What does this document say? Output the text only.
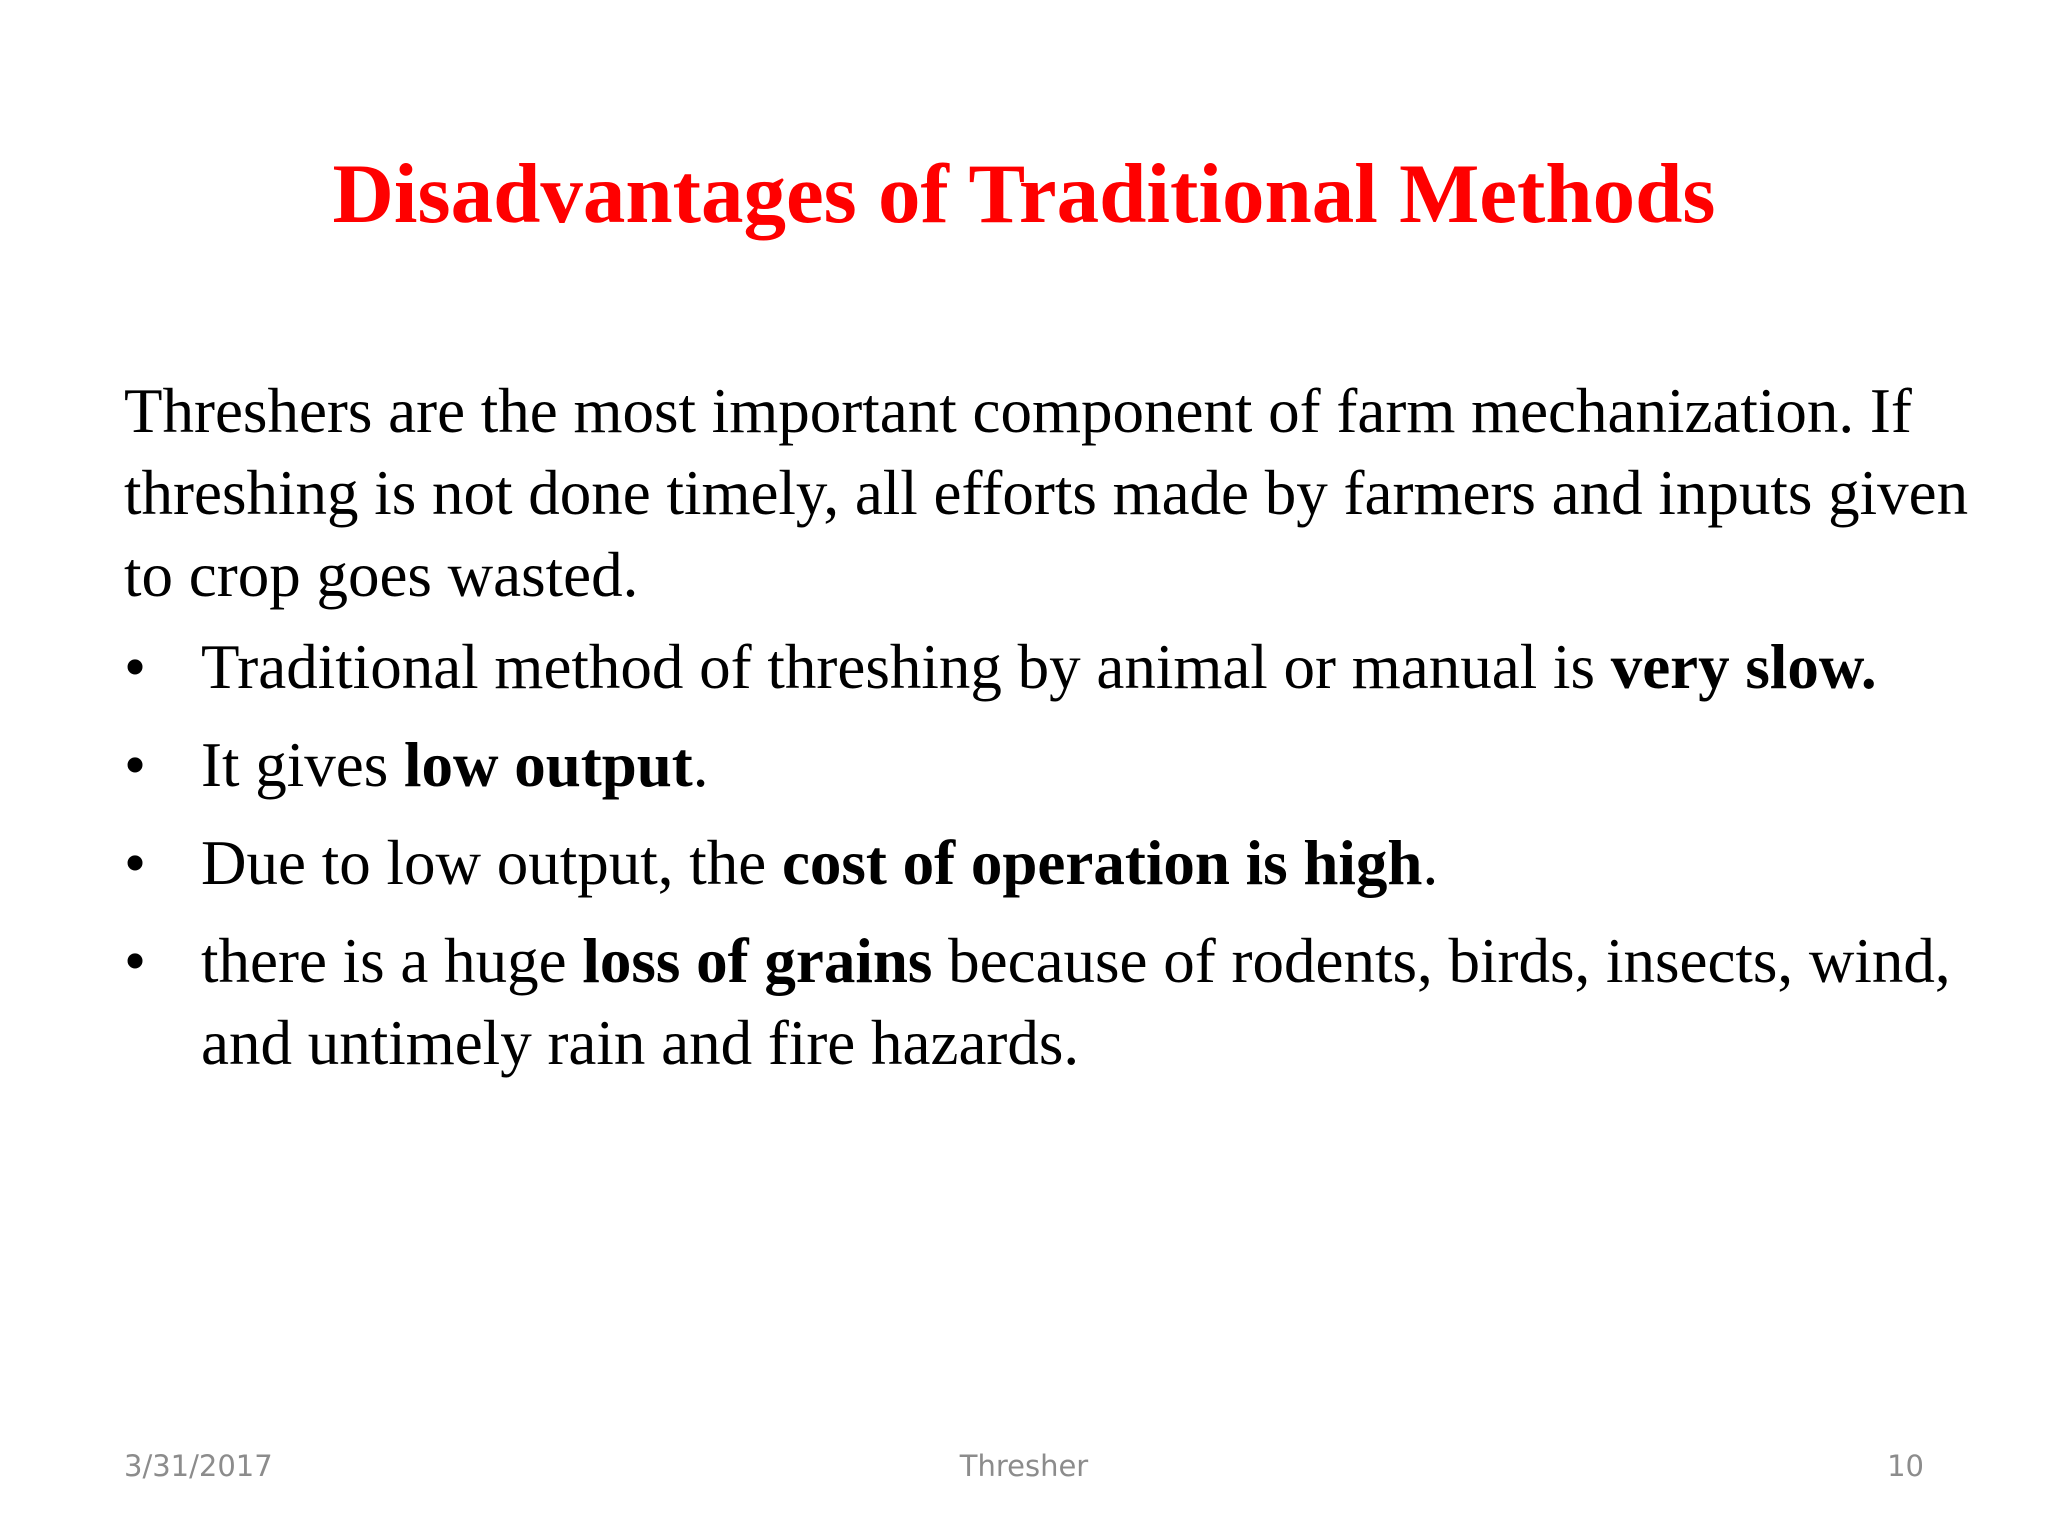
Disadvantages of Traditional Methods

Threshers are the most important component of farm mechanization. If threshing is not done timely, all efforts made by farmers and inputs given to crop goes wasted.

• Traditional method of threshing by animal or manual is very slow.
• It gives low output.
• Due to low output, the cost of operation is high.
• there is a huge loss of grains because of rodents, birds, insects, wind, and untimely rain and fire hazards.
3/31/2017	Thresher	10
